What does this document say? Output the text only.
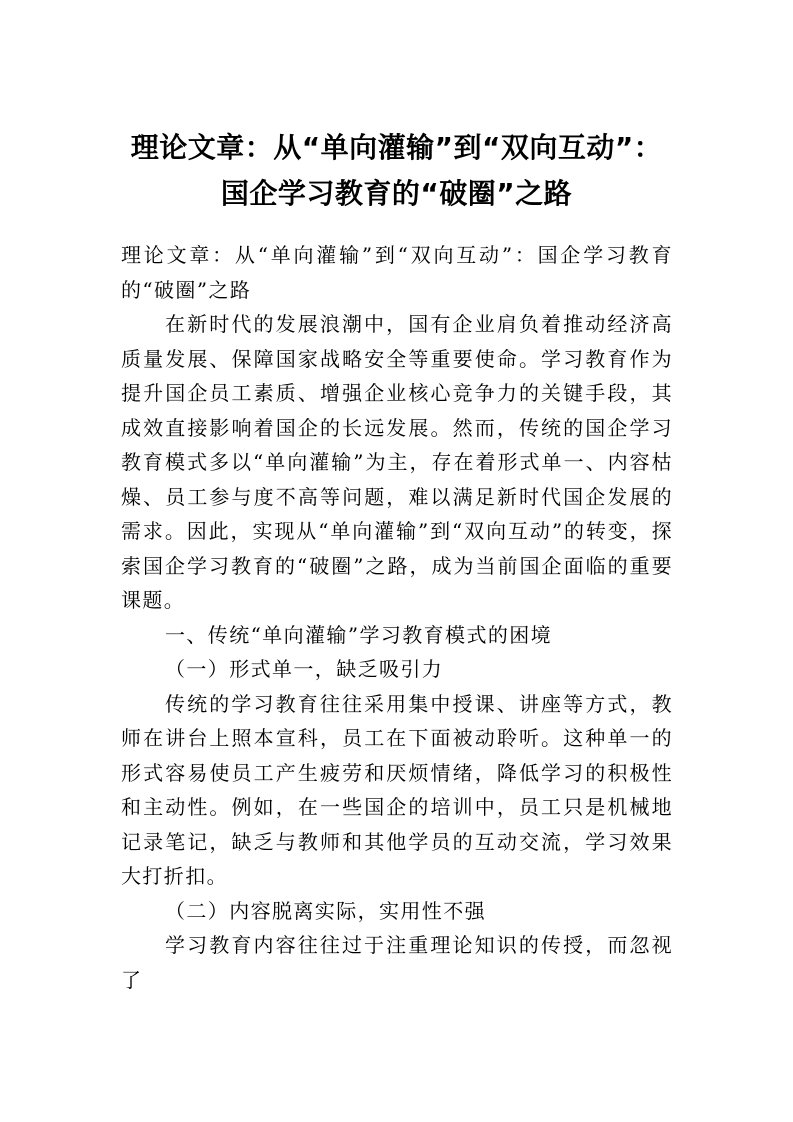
理论文章：从“单向灌输”到“双向互动”：
国企学习教育的“破圈”之路

理论文章：从“单向灌输”到“双向互动”：国企学习教育的“破圈”之路

在新时代的发展浪潮中，国有企业肩负着推动经济高质量发展、保障国家战略安全等重要使命。学习教育作为提升国企员工素质、增强企业核心竞争力的关键手段，其成效直接影响着国企的长远发展。然而，传统的国企学习教育模式多以“单向灌输”为主，存在着形式单一、内容枯燥、员工参与度不高等问题，难以满足新时代国企发展的需求。因此，实现从“单向灌输”到“双向互动”的转变，探索国企学习教育的“破圈”之路，成为当前国企面临的重要课题。

一、传统“单向灌输”学习教育模式的困境

（一）形式单一，缺乏吸引力

传统的学习教育往往采用集中授课、讲座等方式，教师在讲台上照本宣科，员工在下面被动聆听。这种单一的形式容易使员工产生疲劳和厌烦情绪，降低学习的积极性和主动性。例如，在一些国企的培训中，员工只是机械地记录笔记，缺乏与教师和其他学员的互动交流，学习效果大打折扣。

（二）内容脱离实际，实用性不强

学习教育内容往往过于注重理论知识的传授，而忽视了
